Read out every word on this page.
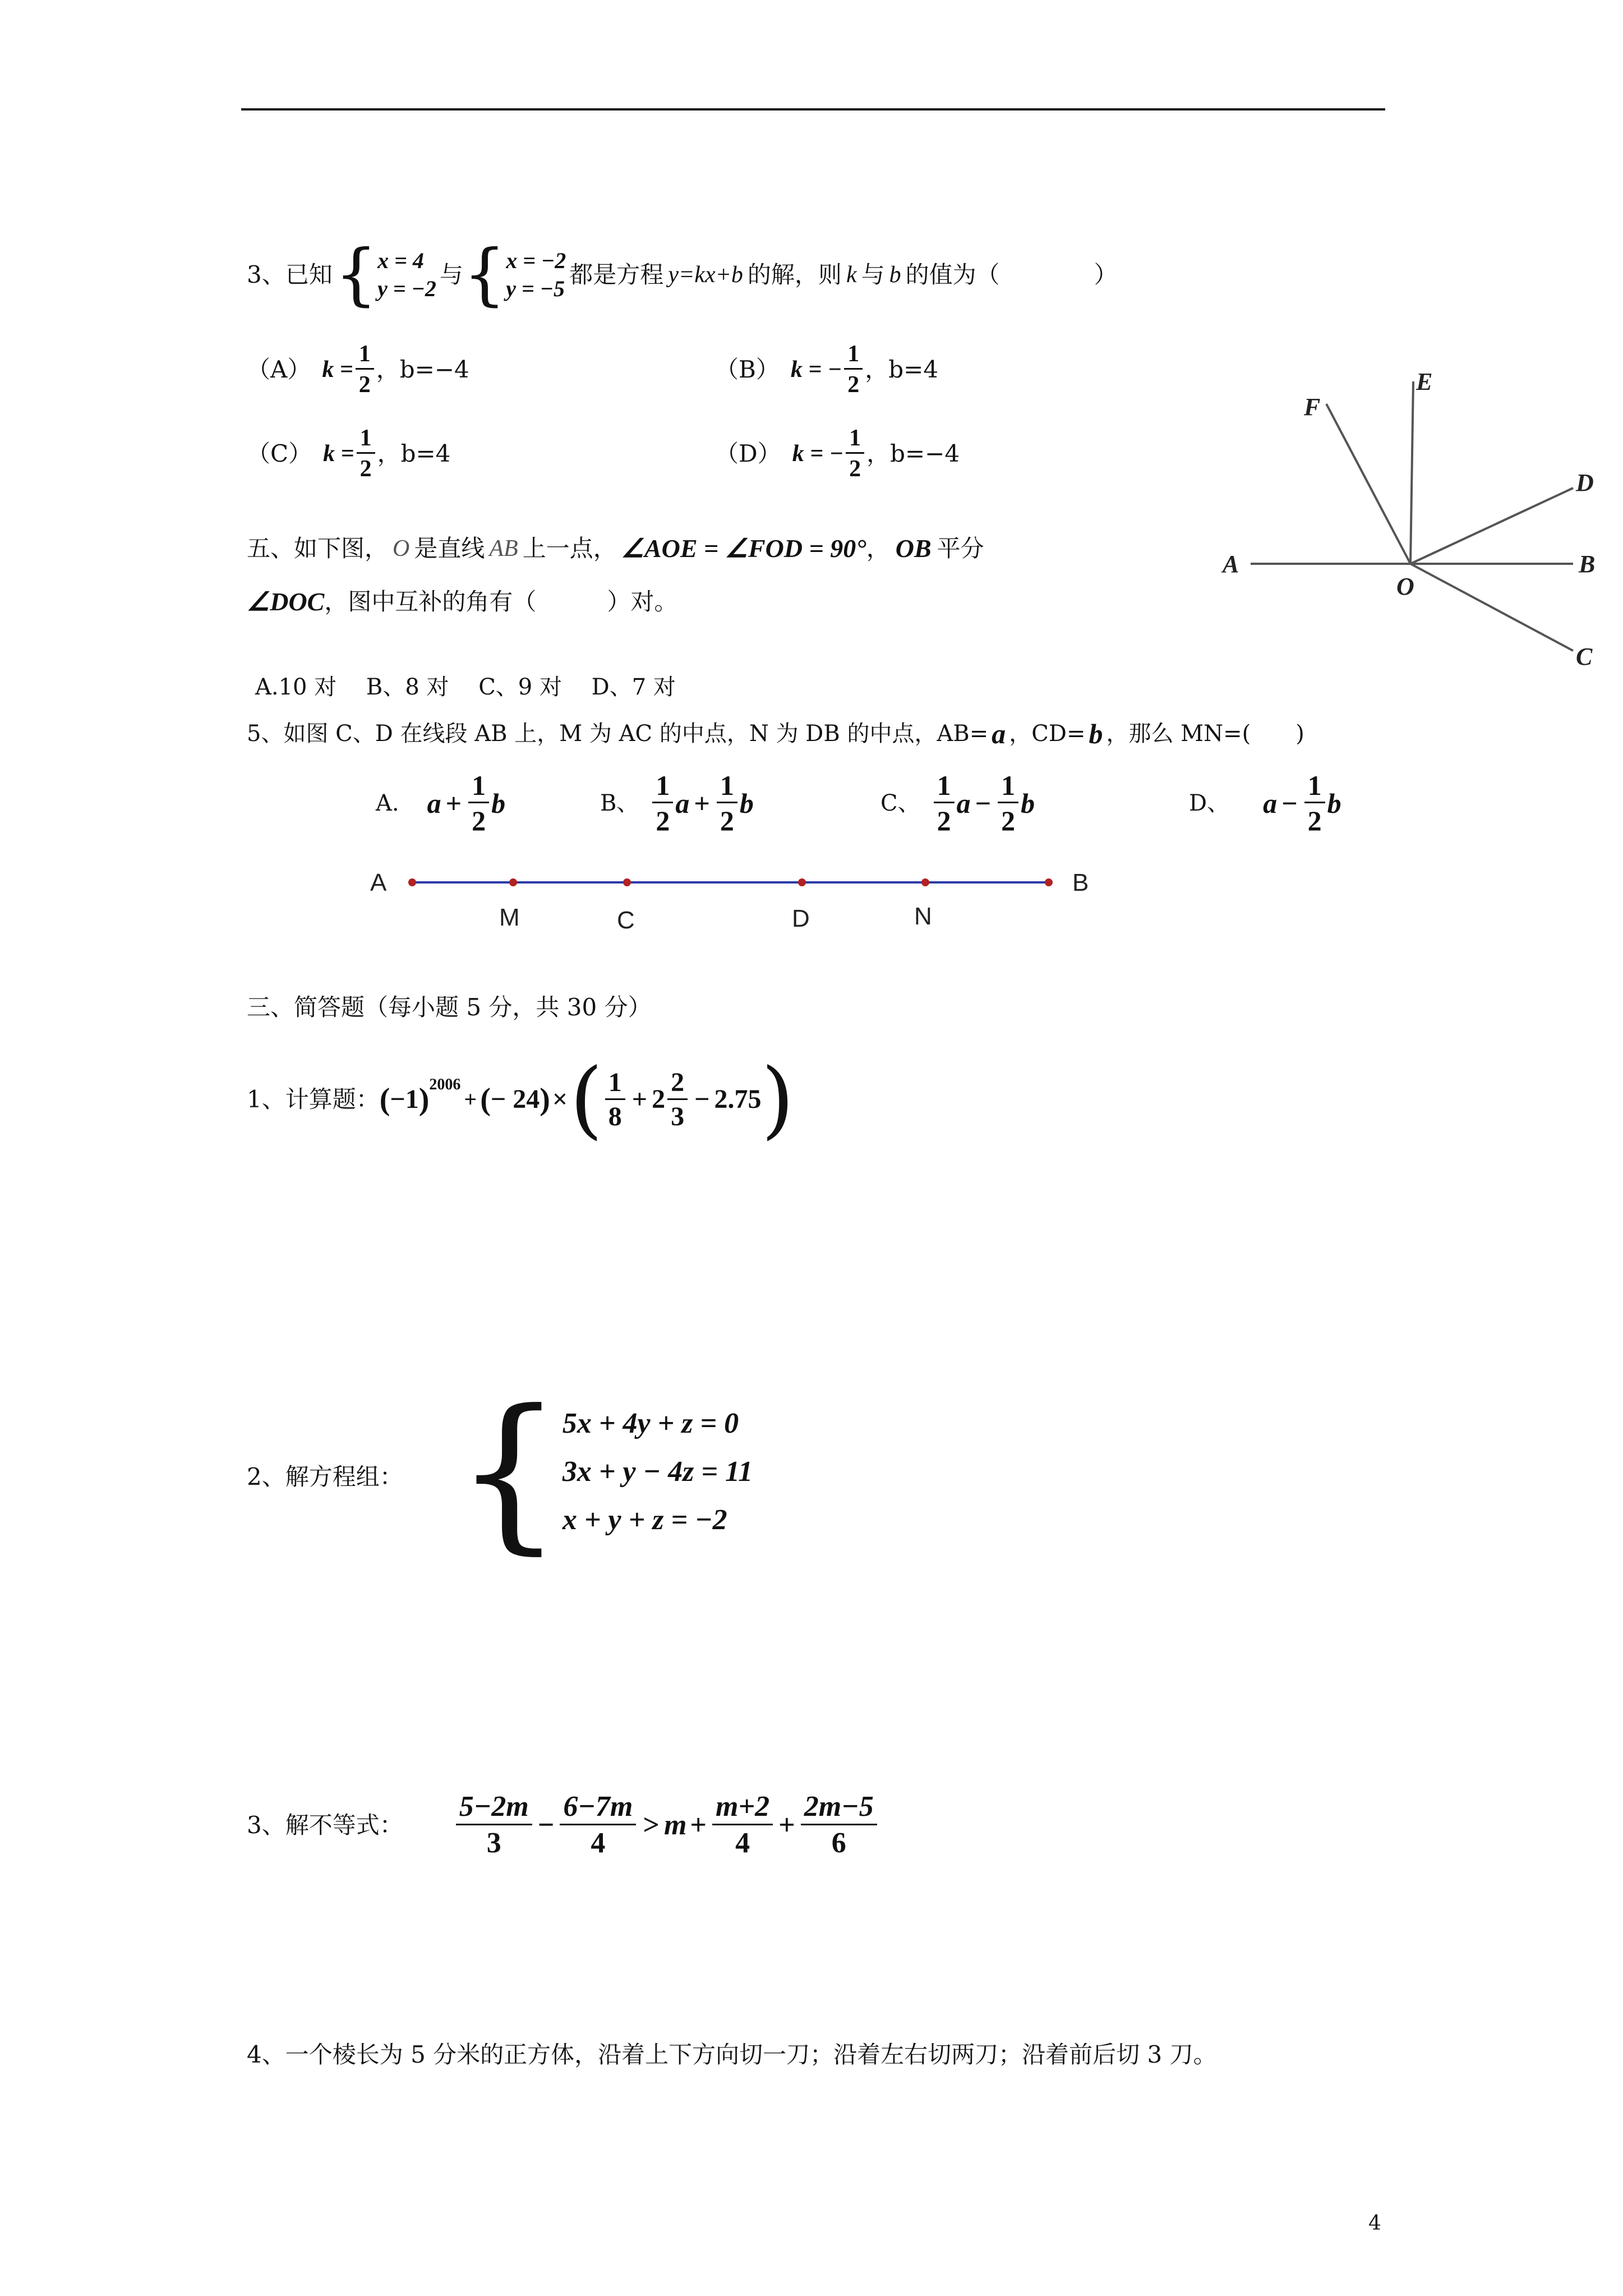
3、已知 { x = 4
y = −2
与 { x = −2
y = −5
都是方程 y=kx+b 的解，则 k 与 b 的值为（　　　　）
（A） $k = \frac{1}{2}$ ，b=−4	（B） k = − $\frac{1}{2}$ ，b=4
（C） $k = \frac{1}{2}$ ，b=4	（D） k = − $\frac{1}{2}$ ，b=−4
五、如下图， O 是直线 AB 上一点， ∠AOE = ∠FOD = 90° ， OB 平分
∠DOC ，图中互补的角有（　　　）对。
A.10 对　 B、8 对　 C、9 对　 D、7 对
A	B
C
D
E
F
O
5、如图 C、D 在线段 AB 上，M 为 AC 的中点，N 为 DB 的中点，AB= a ，CD= b ，那么 MN=(　　)
A. $a + \frac{1}{2}$ b	B、 $\frac{1}{2}$ $a + \frac{1}{2}$ b	C、 $\frac{1}{2}$ $a - \frac{1}{2}$ b	D、 $a - \frac{1}{2}$ b
A	B
M	C	D	N
三、简答题（每小题 5 分，共 30 分）
1、计算题： ( −1 ) 2006
+ ( − 24 ) × ( $\frac{1}{8} + 2 \frac{2}{3} - 2.75$ )
2、解方程组： { 5x + 4y + z = 0
3x + y − 4z = 11
x + y + z = −2
3、解不等式： $\frac{5-2m}{3} - \frac{6-7m}{4} > m + \frac{m+2}{4} + \frac{2m-5}{6}$
4、一个棱长为 5 分米的正方体，沿着上下方向切一刀；沿着左右切两刀；沿着前后切 3 刀。
4
